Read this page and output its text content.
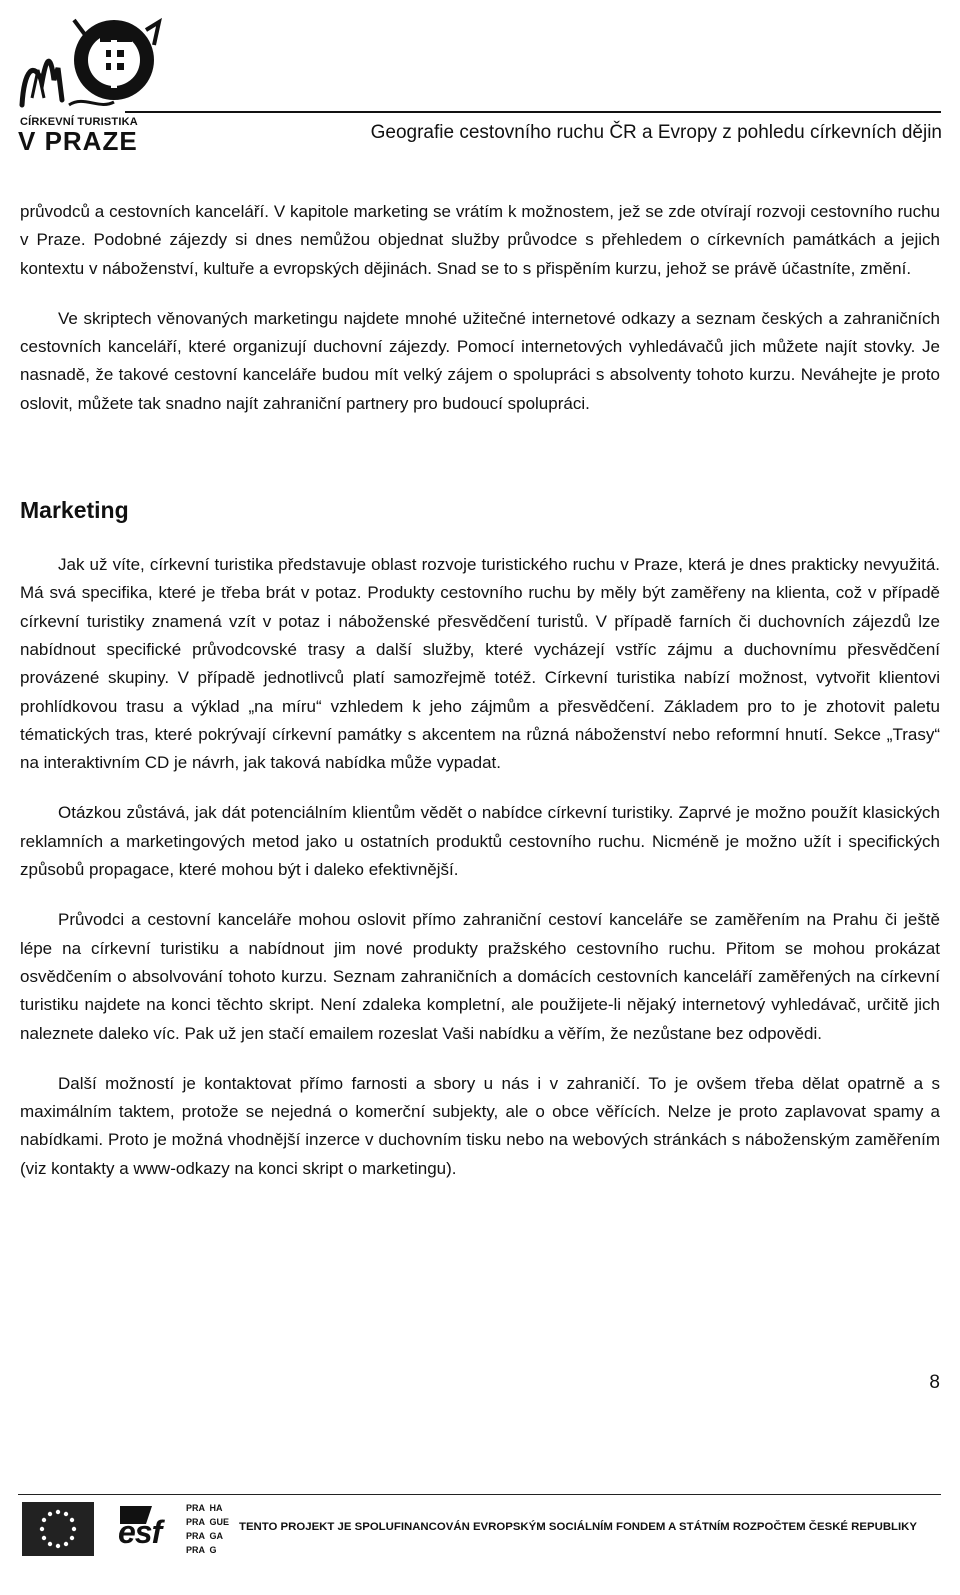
CÍRKEVNÍ TURISTIKA
V PRAZE	Geografie cestovního ruchu ČR a Evropy z pohledu církevních dějin

průvodců a cestovních kanceláří. V kapitole marketing se vrátím k možnostem, jež se zde otvírají rozvoji cestovního ruchu v Praze. Podobné zájezdy si dnes nemůžou objednat služby průvodce s přehledem o církevních památkách a jejich kontextu v náboženství, kultuře a evropských dějinách. Snad se to s přispěním kurzu, jehož se právě účastníte, změní.

Ve skriptech věnovaných marketingu najdete mnohé užitečné internetové odkazy a seznam českých a zahraničních cestovních kanceláří, které organizují duchovní zájezdy. Pomocí internetových vyhledávačů jich můžete najít stovky. Je nasnadě, že takové cestovní kanceláře budou mít velký zájem o spolupráci s absolventy tohoto kurzu. Neváhejte je proto oslovit, můžete tak snadno najít zahraniční partnery pro budoucí spolupráci.

Marketing

Jak už víte, církevní turistika představuje oblast rozvoje turistického ruchu v Praze, která je dnes prakticky nevyužitá. Má svá specifika, které je třeba brát v potaz. Produkty cestovního ruchu by měly být zaměřeny na klienta, což v případě církevní turistiky znamená vzít v potaz i náboženské přesvědčení turistů. V případě farních či duchovních zájezdů lze nabídnout specifické průvodcovské trasy a další služby, které vycházejí vstříc zájmu a duchovnímu přesvědčení provázené skupiny. V případě jednotlivců platí samozřejmě totéž. Církevní turistika nabízí možnost, vytvořit klientovi prohlídkovou trasu a výklad „na míru“ vzhledem k jeho zájmům a přesvědčení. Základem pro to je zhotovit paletu tématických tras, které pokrývají církevní památky s akcentem na různá náboženství nebo reformní hnutí. Sekce „Trasy“ na interaktivním CD je návrh, jak taková nabídka může vypadat.

Otázkou zůstává, jak dát potenciálním klientům vědět o nabídce církevní turistiky. Zaprvé je možno použít klasických reklamních a marketingových metod jako u ostatních produktů cestovního ruchu. Nicméně je možno užít i specifických způsobů propagace, které mohou být i daleko efektivnější.

Průvodci a cestovní kanceláře mohou oslovit přímo zahraniční cestoví kanceláře se zaměřením na Prahu či ještě lépe na církevní turistiku a nabídnout jim nové produkty pražského cestovního ruchu. Přitom se mohou prokázat osvědčením o absolvování tohoto kurzu. Seznam zahraničních a domácích cestovních kanceláří zaměřených na církevní turistiku najdete na konci těchto skript. Není zdaleka kompletní, ale použijete-li nějaký internetový vyhledávač, určitě jich naleznete daleko víc. Pak už jen stačí emailem rozeslat Vaši nabídku a věřím, že nezůstane bez odpovědi.

Další možností je kontaktovat přímo farnosti a sbory u nás i v zahraničí. To je ovšem třeba dělat opatrně a s maximálním taktem, protože se nejedná o komerční subjekty, ale o obce věřících. Nelze je proto zaplavovat spamy a nabídkami. Proto je možná vhodnější inzerce v duchovním tisku nebo na webových stránkách s náboženským zaměřením (viz kontakty a www-odkazy na konci skript o marketingu).

8
esf
PRA HA
PRA GUE
PRA GA
PRA G
TENTO PROJEKT JE SPOLUFINANCOVÁN EVROPSKÝM SOCIÁLNÍM FONDEM A STÁTNÍM ROZPOČTEM ČESKÉ REPUBLIKY
